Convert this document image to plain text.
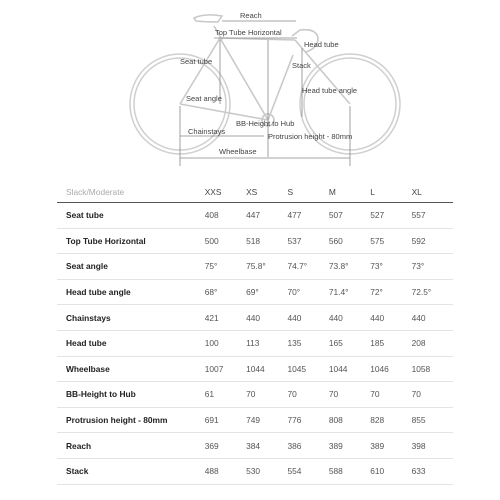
Reach
Top Tube Horizontal
Seat tube
Head tube
Stack
Head tube angle
Seat angle
BB-Height to Hub
Chainstays
Protrusion height - 80mm
Wheelbase
Slack/Moderate	XXS	XS	S	M	L	XL
Seat tube	408	447	477	507	527	557
Top Tube Horizontal	500	518	537	560	575	592
Seat angle	75°	75.8°	74.7°	73.8°	73°	73°
Head tube angle	68°	69°	70°	71.4°	72°	72.5°
Chainstays	421	440	440	440	440	440
Head tube	100	113	135	165	185	208
Wheelbase	1007	1044	1045	1044	1046	1058
BB-Height to Hub	61	70	70	70	70	70
Protrusion height - 80mm	691	749	776	808	828	855
Reach	369	384	386	389	389	398
Stack	488	530	554	588	610	633
